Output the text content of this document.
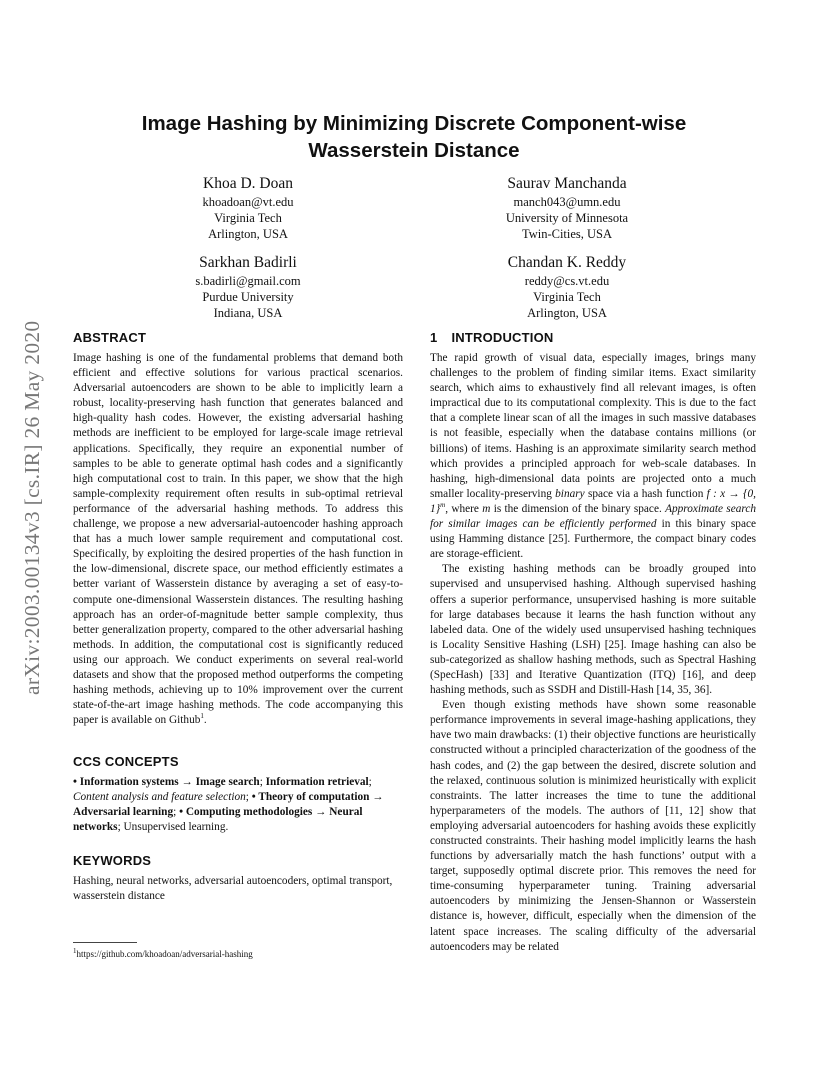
arXiv:2003.00134v3 [cs.IR] 26 May 2020
Image Hashing by Minimizing Discrete Component-wise
Wasserstein Distance
Khoa D. Doan
khoadoan@vt.edu
Virginia Tech
Arlington, USA
Saurav Manchanda
manch043@umn.edu
University of Minnesota
Twin-Cities, USA
Sarkhan Badirli
s.badirli@gmail.com
Purdue University
Indiana, USA
Chandan K. Reddy
reddy@cs.vt.edu
Virginia Tech
Arlington, USA
ABSTRACT

Image hashing is one of the fundamental problems that demand both efficient and effective solutions for various practical scenarios. Adversarial autoencoders are shown to be able to implicitly learn a robust, locality-preserving hash function that generates balanced and high-quality hash codes. However, the existing adversarial hashing methods are inefficient to be employed for large-scale image retrieval applications. Specifically, they require an exponential number of samples to be able to generate optimal hash codes and a significantly high computational cost to train. In this paper, we show that the high sample-complexity requirement often results in sub-optimal retrieval performance of the adversarial hashing methods. To address this challenge, we propose a new adversarial-autoencoder hashing approach that has a much lower sample requirement and computational cost. Specifically, by exploiting the desired properties of the hash function in the low-dimensional, discrete space, our method efficiently estimates a better variant of Wasserstein distance by averaging a set of easy-to-compute one-dimensional Wasserstein distances. The resulting hashing approach has an order-of-magnitude better sample complexity, thus better generalization property, compared to the other adversarial hashing methods. In addition, the computational cost is significantly reduced using our approach. We conduct experiments on several real-world datasets and show that the proposed method outperforms the competing hashing methods, achieving up to 10% improvement over the current state-of-the-art image hashing methods. The code accompanying this paper is available on Github$^1$.

CCS CONCEPTS

• Information systems → Image search; Information retrieval; Content analysis and feature selection; • Theory of computation → Adversarial learning; • Computing methodologies → Neural networks; Unsupervised learning.

KEYWORDS

Hashing, neural networks, adversarial autoencoders, optimal transport, wasserstein distance

$^1$https://github.com/khoadoan/adversarial-hashing
1 INTRODUCTION

The rapid growth of visual data, especially images, brings many challenges to the problem of finding similar items. Exact similarity search, which aims to exhaustively find all relevant images, is often impractical due to its computational complexity. This is due to the fact that a complete linear scan of all the images in such massive databases is not feasible, especially when the database contains millions (or billions) of items. Hashing is an approximate similarity search method which provides a principled approach for web-scale databases. In hashing, high-dimensional data points are projected onto a much smaller locality-preserving binary space via a hash function f : x → {0, 1}$^m$, where m is the dimension of the binary space. Approximate search for similar images can be efficiently performed in this binary space using Hamming distance [25]. Furthermore, the compact binary codes are storage-efficient.

The existing hashing methods can be broadly grouped into supervised and unsupervised hashing. Although supervised hashing offers a superior performance, unsupervised hashing is more suitable for large databases because it learns the hash function without any labeled data. One of the widely used unsupervised hashing techniques is Locality Sensitive Hashing (LSH) [25]. Image hashing can also be sub-categorized as shallow hashing methods, such as Spectral Hashing (SpecHash) [33] and Iterative Quantization (ITQ) [16], and deep hashing methods, such as SSDH and Distill-Hash [14, 35, 36].

Even though existing methods have shown some reasonable performance improvements in several image-hashing applications, they have two main drawbacks: (1) their objective functions are heuristically constructed without a principled characterization of the goodness of the hash codes, and (2) the gap between the desired, discrete solution and the relaxed, continuous solution is minimized heuristically with explicit constraints. The latter increases the time to tune the additional hyperparameters of the models. The authors of [11, 12] show that employing adversarial autoencoders for hashing avoids these explicitly constructed constraints. Their hashing model implicitly learns the hash functions by adversarially match the hash functions’ output with a target, supposedly optimal discrete prior. This removes the need for time-consuming hyperparameter tuning. Training adversarial autoencoders by minimizing the Jensen-Shannon or Wasserstein distance is, however, difficult, especially when the dimension of the latent space increases. The scaling difficulty of the adversarial autoencoders may be related
